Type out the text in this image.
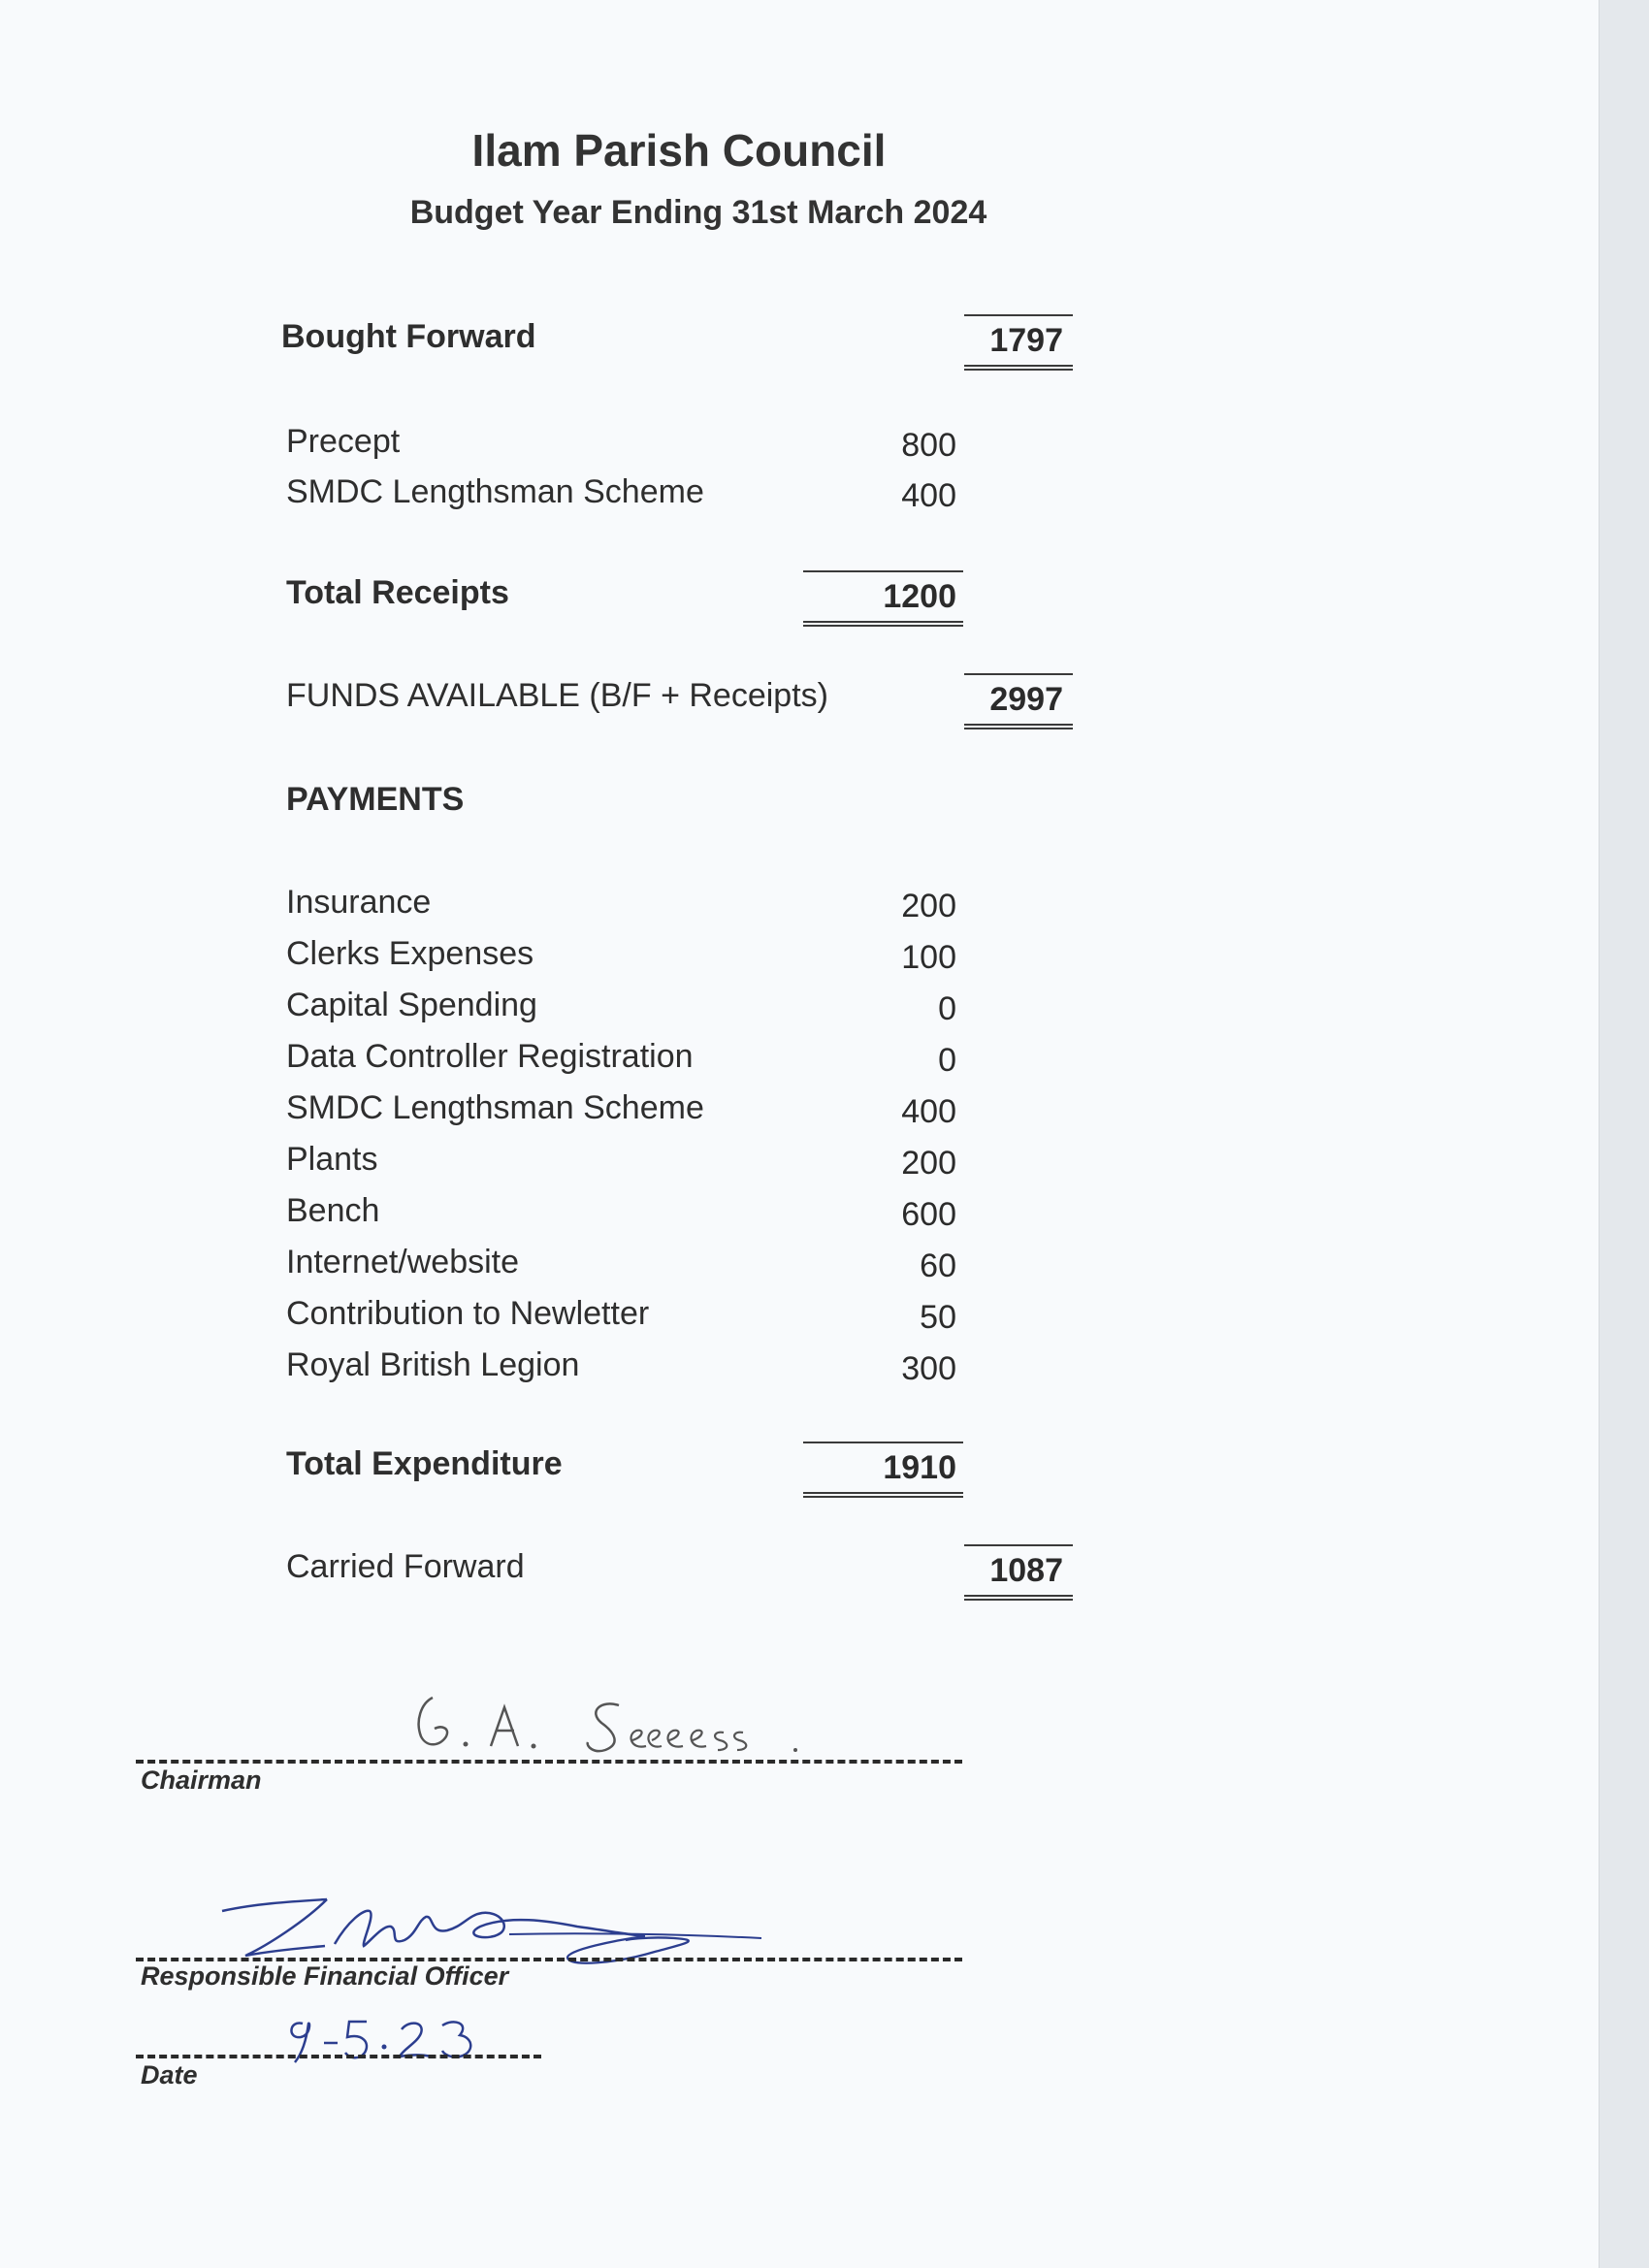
Ilam Parish Council
Budget Year Ending 31st March 2024
Bought Forward	1797
Precept	800
SMDC Lengthsman Scheme	400
Total Receipts	1200
FUNDS AVAILABLE (B/F + Receipts)	2997
PAYMENTS
Insurance	200
Clerks Expenses	100
Capital Spending	0
Data Controller Registration	0
SMDC Lengthsman Scheme	400
Plants	200
Bench	600
Internet/website	60
Contribution to Newletter	50
Royal British Legion	300
Total Expenditure	1910
Carried Forward	1087
Chairman
Responsible Financial Officer
Date
